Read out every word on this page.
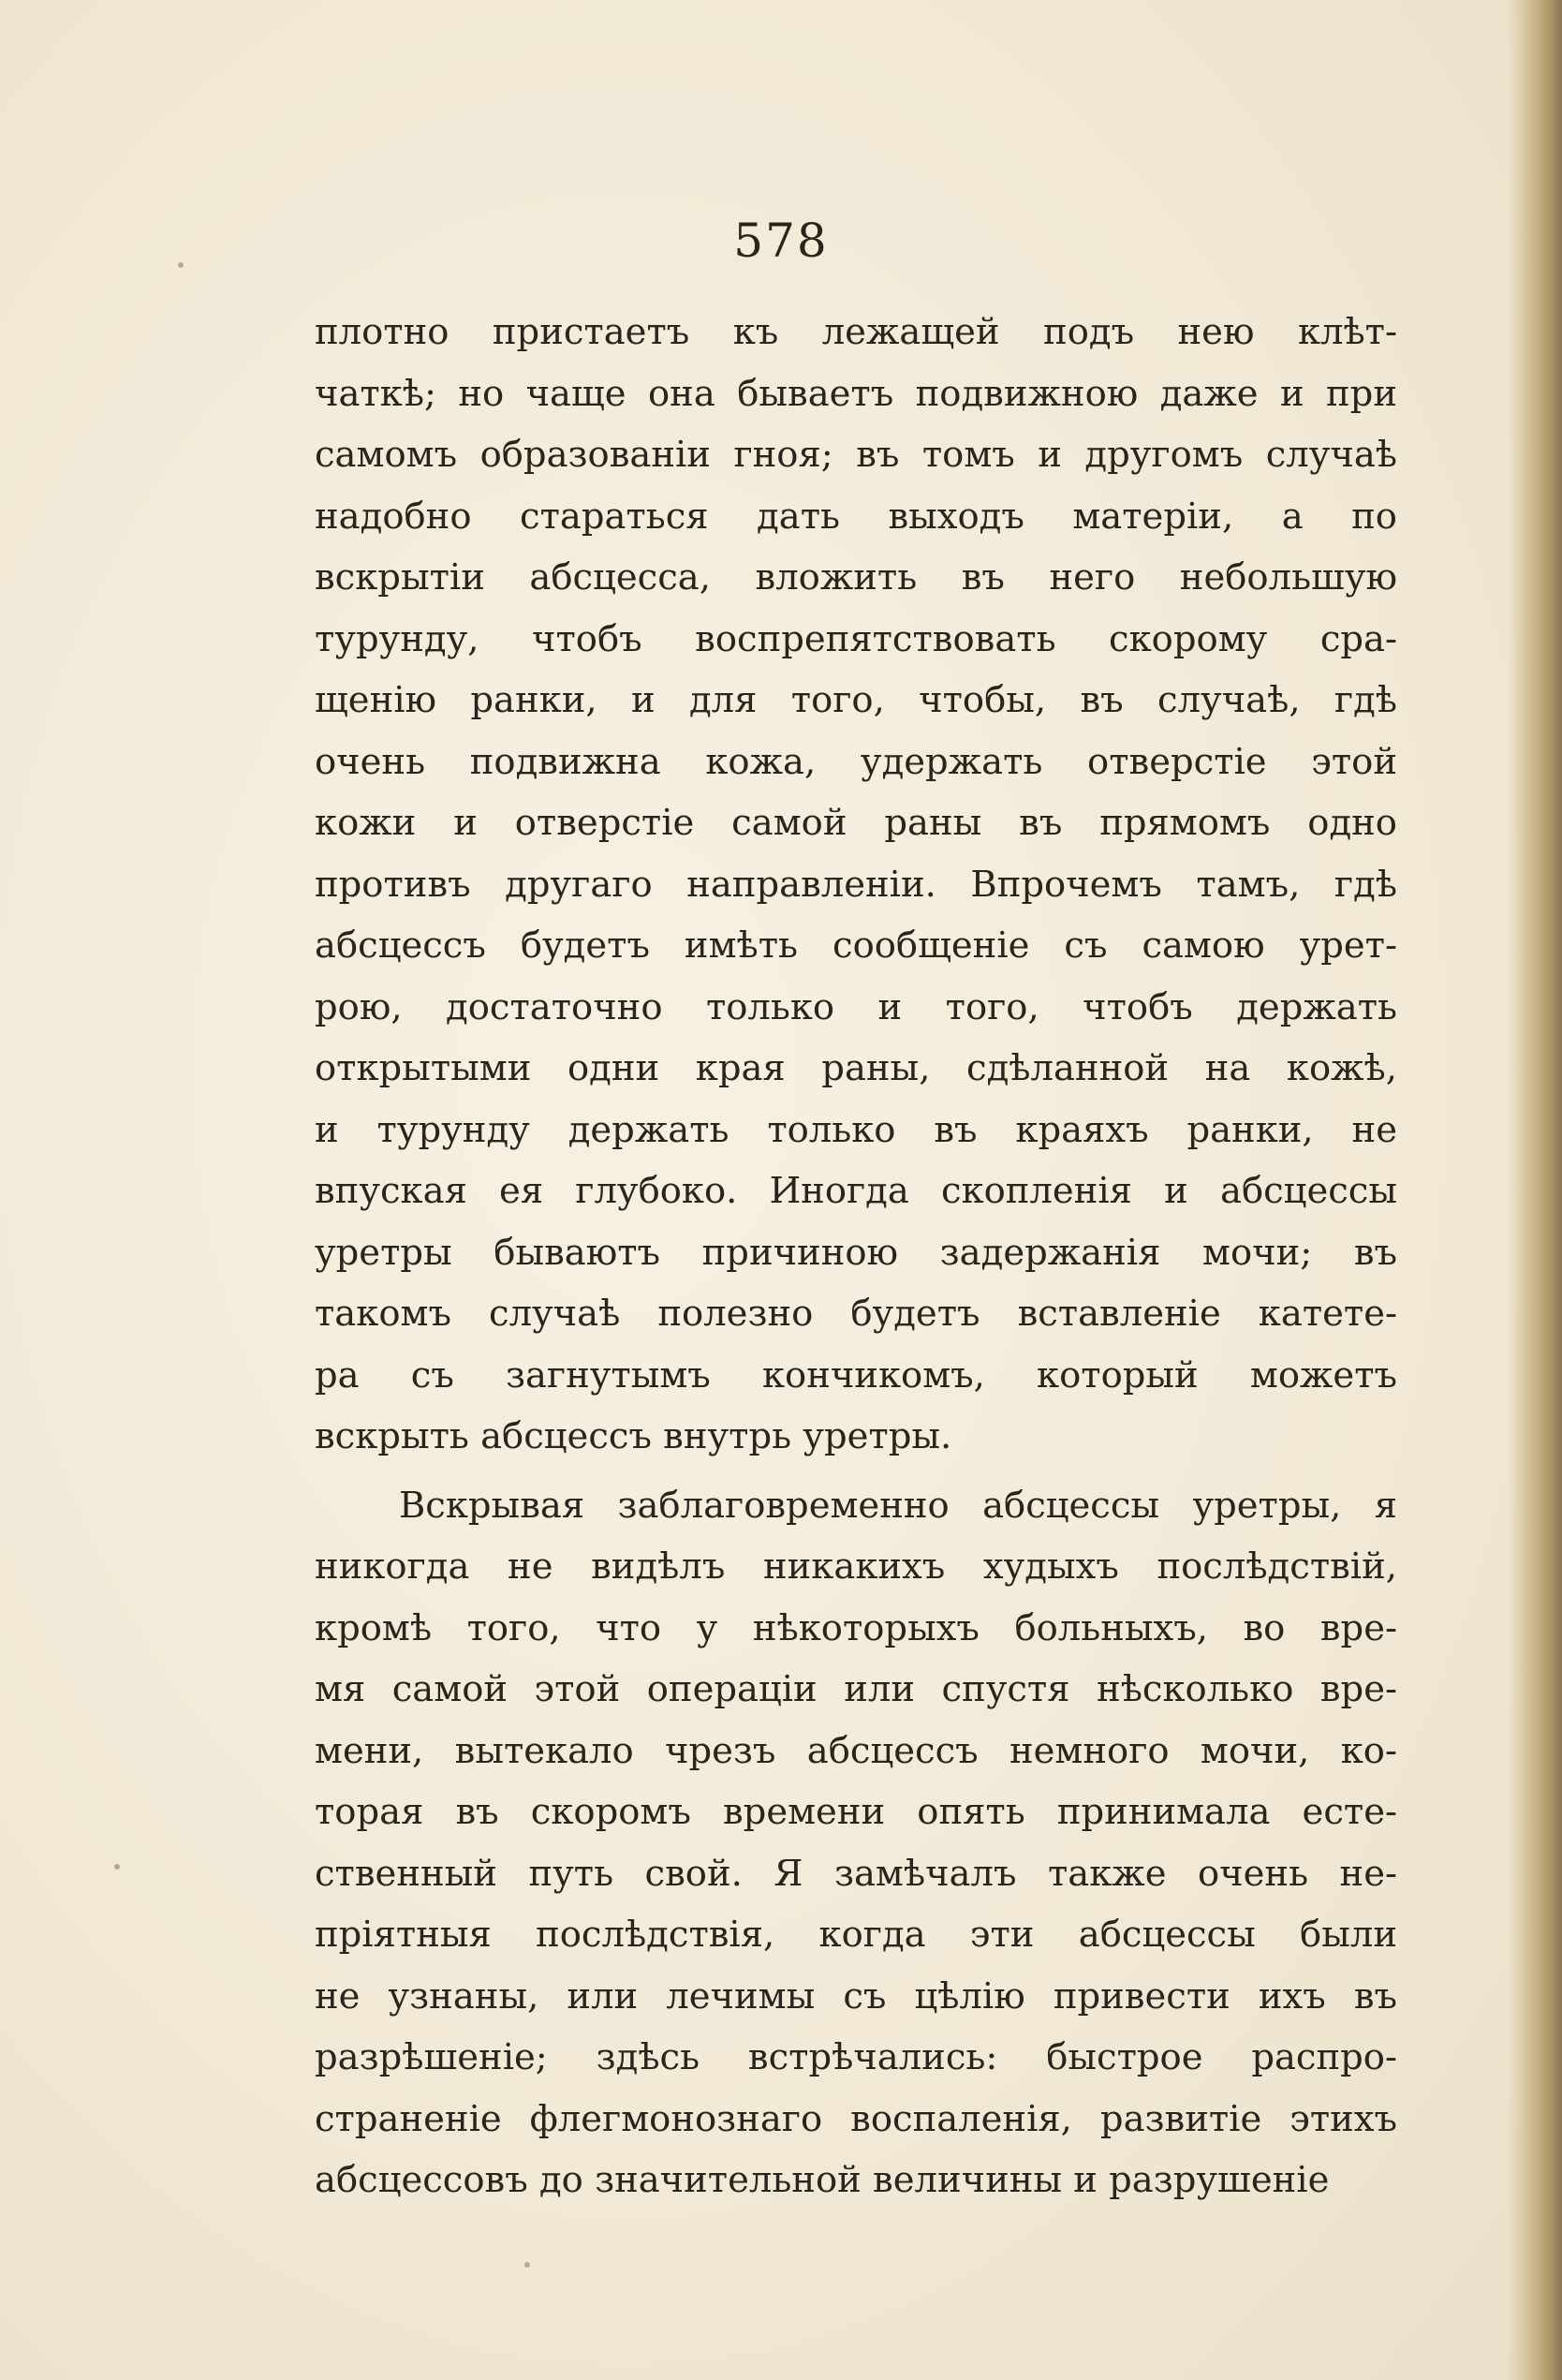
578
плотно пристаетъ къ лежащей подъ нею клѣт-
чаткѣ; но чаще она бываетъ подвижною даже и при
самомъ образованіи гноя; въ томъ и другомъ случаѣ
надобно стараться дать выходъ матеріи, а по
вскрытіи абсцесса, вложить въ него небольшую
турунду, чтобъ воспрепятствовать скорому сра-
щенію ранки, и для того, чтобы, въ случаѣ, гдѣ
очень подвижна кожа, удержать отверстіе этой
кожи и отверстіе самой раны въ прямомъ одно
противъ другаго направленіи. Впрочемъ тамъ, гдѣ
абсцессъ будетъ имѣть сообщеніе съ самою урет-
рою, достаточно только и того, чтобъ держать
открытыми одни края раны, сдѣланной на кожѣ,
и турунду держать только въ краяхъ ранки, не
впуская ея глубоко. Иногда скопленія и абсцессы
уретры бываютъ причиною задержанія мочи; въ
такомъ случаѣ полезно будетъ вставленіе катете-
ра съ загнутымъ кончикомъ, который можетъ
вскрыть абсцессъ внутрь уретры.
Вскрывая заблаговременно абсцессы уретры, я
никогда не видѣлъ никакихъ худыхъ послѣдствій,
кромѣ того, что у нѣкоторыхъ больныхъ, во вре-
мя самой этой операціи или спустя нѣсколько вре-
мени, вытекало чрезъ абсцессъ немного мочи, ко-
торая въ скоромъ времени опять принимала есте-
ственный путь свой. Я замѣчалъ также очень не-
пріятныя послѣдствія, когда эти абсцессы были
не узнаны, или лечимы съ цѣлію привести ихъ въ
разрѣшеніе; здѣсь встрѣчались: быстрое распро-
страненіе флегмонознаго воспаленія, развитіе этихъ
абсцессовъ до значительной величины и разрушеніе
